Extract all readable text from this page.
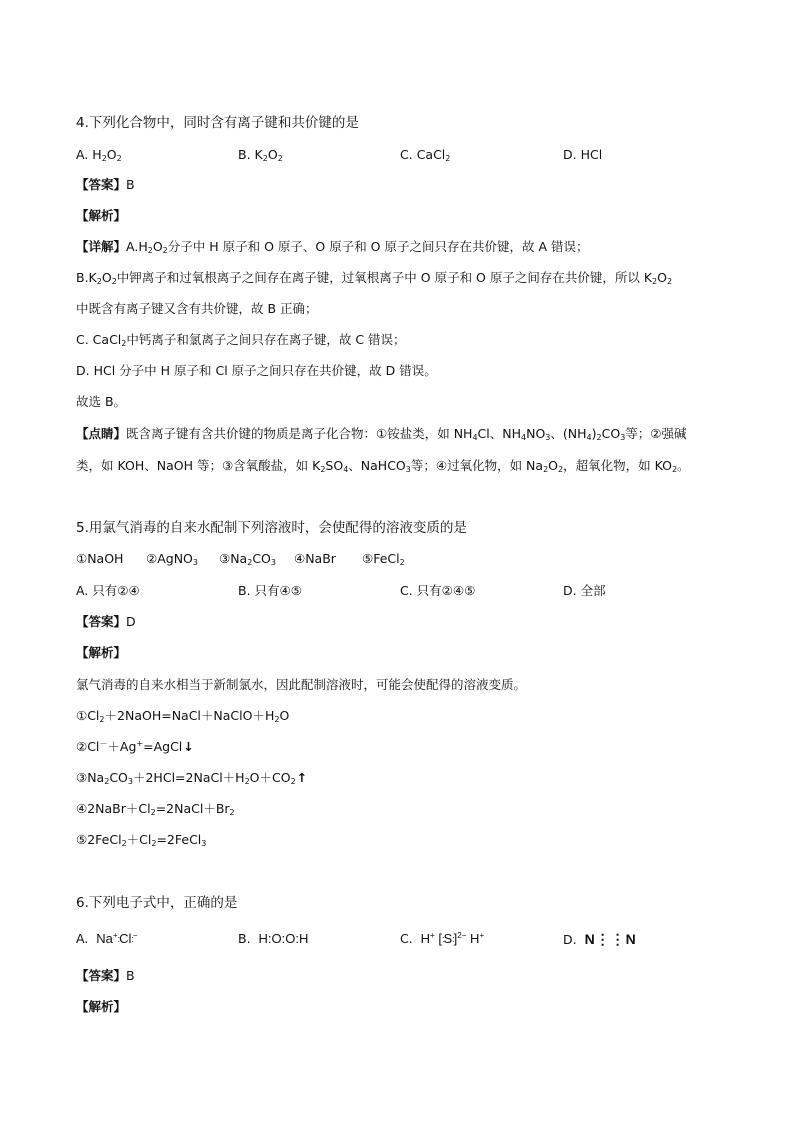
4.下列化合物中，同时含有离子键和共价键的是
A. $H_2O_2$	B. $K_2O_2$	C. CaCl$_2$	D. HCl
【答案】B
【解析】
【详解】$A.H_2O_2$分子中 H 原子和 O 原子、O 原子和 O 原子之间只存在共价键，故 A 错误；
$B.K_2O_2$中钾离子和过氧根离子之间存在离子键，过氧根离子中 O 原子和 O 原子之间存在共价键，所以 $K_2O_2$
中既含有离子键又含有共价键，故 B 正确；
C. CaCl$_2$中钙离子和氯离子之间只存在离子键，故 C 错误；
D. HCl 分子中 H 原子和 Cl 原子之间只存在共价键，故 D 错误。
故选 B。
【点睛】既含离子键有含共价键的物质是离子化合物：①铵盐类，如 $NH_4Cl$、$NH_4NO_3$、$(NH_4)_2CO_3$等；②强碱
类，如 KOH、NaOH 等；③含氧酸盐，如 $K_2SO_4$、NaHCO$_3$等；④过氧化物，如 $Na_2O_2$，超氧化物，如 $KO_2$。
5.用氯气消毒的自来水配制下列溶液时，会使配得的溶液变质的是
①NaOH ②AgNO$_3$ $③Na_2CO_3$ ④NaBr ⑤FeCl$_2$
A. 只有②④	B. 只有④⑤	C. 只有②④⑤	D. 全部
【答案】D
【解析】
氯气消毒的自来水相当于新制氯水，因此配制溶液时，可能会使配得的溶液变质。
$①Cl_2+2NaOH=NaCl+NaClO+H_2O$
②Cl－＋Ag+=AgCl↓
$③Na_2CO_3+2HCl=2NaCl+H_2O+CO_2↑$
$④2NaBr+Cl_2=2NaCl+Br_2$
$⑤2FeCl_2+Cl_2=2FeCl_3$
6.下列电子式中，正确的是
A. Na+:Cl:−	B. H:O:O:H	C. H+ [:S:]$^{2-}$ H+	D. N⋮⋮N
【答案】B
【解析】
